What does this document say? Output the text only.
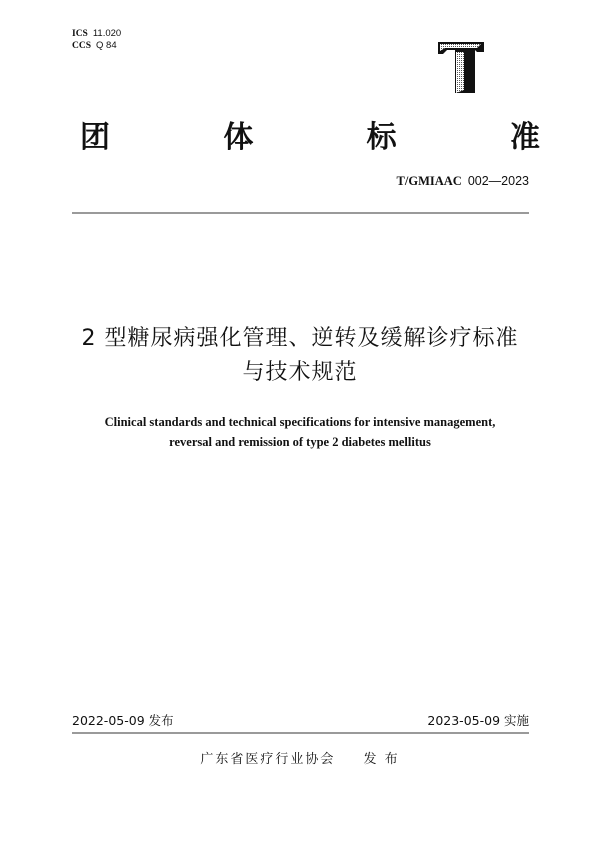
ICS 11.020
CCS Q 84
团	体	标	准
T/GMIAAC 002—2023
2 型糖尿病强化管理、逆转及缓解诊疗标准
与技术规范
Clinical standards and technical specifications for intensive management,
reversal and remission of type 2 diabetes mellitus
2022-05-09 发布	2023-05-09 实施
广东省医疗行业协会 发 布
